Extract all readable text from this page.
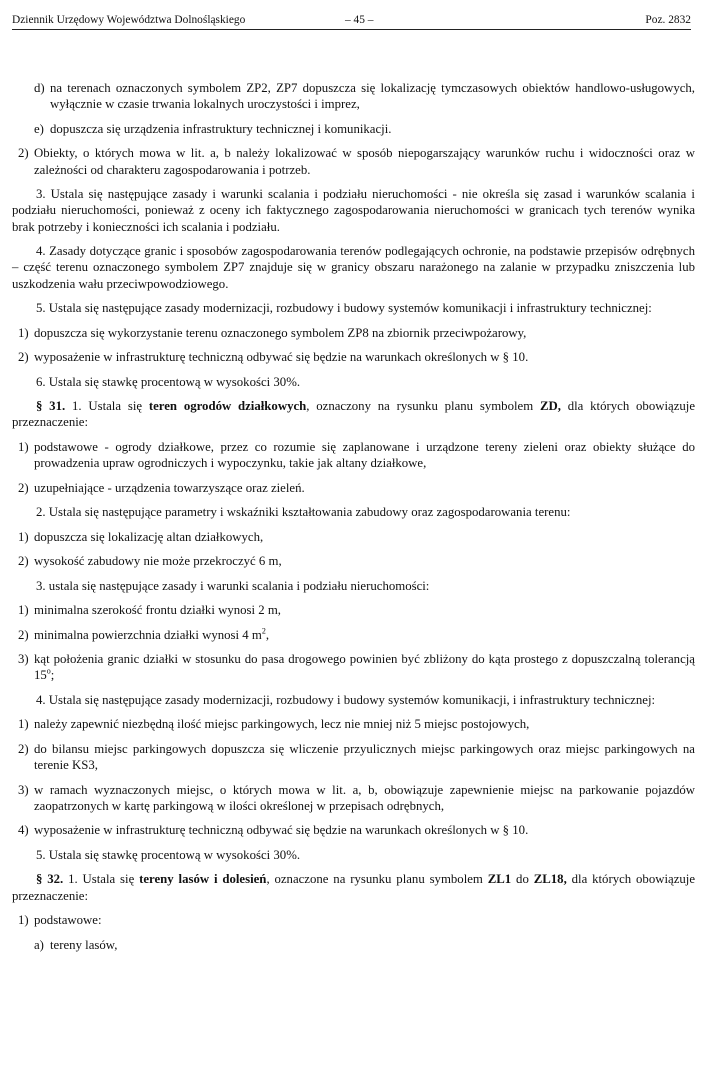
Dziennik Urzędowy Województwa Dolnośląskiego	– 45 –	Poz. 2832
d) na terenach oznaczonych symbolem ZP2, ZP7 dopuszcza się lokalizację tymczasowych obiektów handlowo-usługowych, wyłącznie w czasie trwania lokalnych uroczystości i imprez,
e) dopuszcza się urządzenia infrastruktury technicznej i komunikacji.
2) Obiekty, o których mowa w lit. a, b należy lokalizować w sposób niepogarszający warunków ruchu i widoczności oraz w zależności od charakteru zagospodarowania i potrzeb.
3. Ustala się następujące zasady i warunki scalania i podziału nieruchomości - nie określa się zasad i warunków scalania i podziału nieruchomości, ponieważ z oceny ich faktycznego zagospodarowania nieruchomości w granicach tych terenów wynika brak potrzeby i konieczności ich scalania i podziału.
4. Zasady dotyczące granic i sposobów zagospodarowania terenów podlegających ochronie, na podstawie przepisów odrębnych – część terenu oznaczonego symbolem ZP7 znajduje się w granicy obszaru narażonego na zalanie w przypadku zniszczenia lub uszkodzenia wału przeciwpowodziowego.
5. Ustala się następujące zasady modernizacji, rozbudowy i budowy systemów komunikacji i infrastruktury technicznej:
1) dopuszcza się wykorzystanie terenu oznaczonego symbolem ZP8 na zbiornik przeciwpożarowy,
2) wyposażenie w infrastrukturę techniczną odbywać się będzie na warunkach określonych w § 10.
6. Ustala się stawkę procentową w wysokości 30%.
§ 31. 1. Ustala się teren ogrodów działkowych, oznaczony na rysunku planu symbolem ZD, dla których obowiązuje przeznaczenie:
1) podstawowe - ogrody działkowe, przez co rozumie się zaplanowane i urządzone tereny zieleni oraz obiekty służące do prowadzenia upraw ogrodniczych i wypoczynku, takie jak altany działkowe,
2) uzupełniające - urządzenia towarzyszące oraz zieleń.
2. Ustala się następujące parametry i wskaźniki kształtowania zabudowy oraz zagospodarowania terenu:
1) dopuszcza się lokalizację altan działkowych,
2) wysokość zabudowy nie może przekroczyć 6 m,
3. ustala się następujące zasady i warunki scalania i podziału nieruchomości:
1) minimalna szerokość frontu działki wynosi 2 m,
2) minimalna powierzchnia działki wynosi 4 $m^2$,
3) kąt położenia granic działki w stosunku do pasa drogowego powinien być zbliżony do kąta prostego z dopuszczalną tolerancją 15$^o$;
4. Ustala się następujące zasady modernizacji, rozbudowy i budowy systemów komunikacji, i infrastruktury technicznej:
1) należy zapewnić niezbędną ilość miejsc parkingowych, lecz nie mniej niż 5 miejsc postojowych,
2) do bilansu miejsc parkingowych dopuszcza się wliczenie przyulicznych miejsc parkingowych oraz miejsc parkingowych na terenie KS3,
3) w ramach wyznaczonych miejsc, o których mowa w lit. a, b, obowiązuje zapewnienie miejsc na parkowanie pojazdów zaopatrzonych w kartę parkingową w ilości określonej w przepisach odrębnych,
4) wyposażenie w infrastrukturę techniczną odbywać się będzie na warunkach określonych w § 10.
5. Ustala się stawkę procentową w wysokości 30%.
§ 32. 1. Ustala się tereny lasów i dolesień, oznaczone na rysunku planu symbolem ZL1 do ZL18, dla których obowiązuje przeznaczenie:
1) podstawowe:
a) tereny lasów,
